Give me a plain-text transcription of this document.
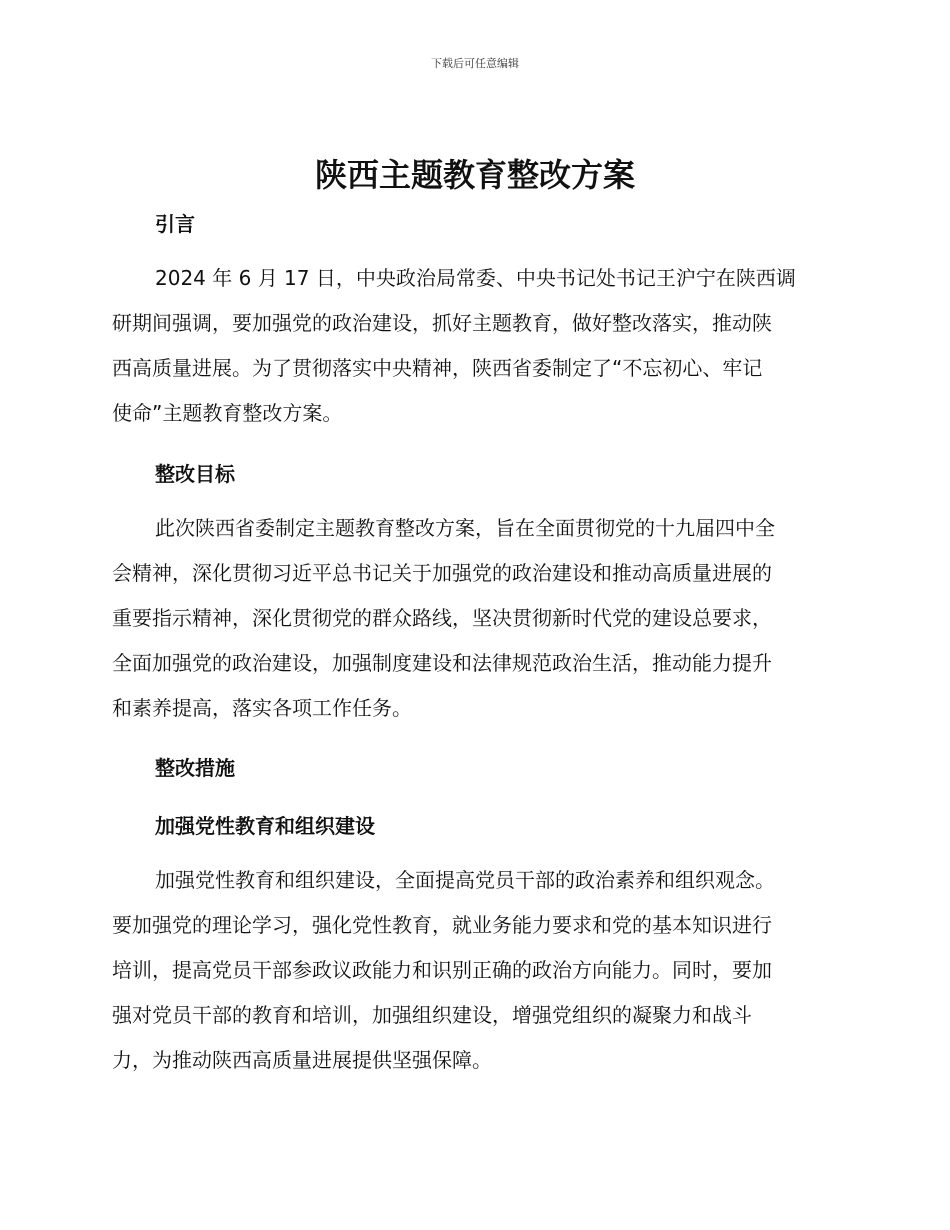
下载后可任意编辑
陕西主题教育整改方案
引言
2024 年 6 月 17 日，中央政治局常委、中央书记处书记王沪宁在陕西调
研期间强调，要加强党的政治建设，抓好主题教育，做好整改落实，推动陕
西高质量进展。为了贯彻落实中央精神，陕西省委制定了“不忘初心、牢记
使命”主题教育整改方案。
整改目标
此次陕西省委制定主题教育整改方案，旨在全面贯彻党的十九届四中全
会精神，深化贯彻习近平总书记关于加强党的政治建设和推动高质量进展的
重要指示精神，深化贯彻党的群众路线，坚决贯彻新时代党的建设总要求，
全面加强党的政治建设，加强制度建设和法律规范政治生活，推动能力提升
和素养提高，落实各项工作任务。
整改措施
加强党性教育和组织建设
加强党性教育和组织建设，全面提高党员干部的政治素养和组织观念。
要加强党的理论学习，强化党性教育，就业务能力要求和党的基本知识进行
培训，提高党员干部参政议政能力和识别正确的政治方向能力。同时，要加
强对党员干部的教育和培训，加强组织建设，增强党组织的凝聚力和战斗
力，为推动陕西高质量进展提供坚强保障。
